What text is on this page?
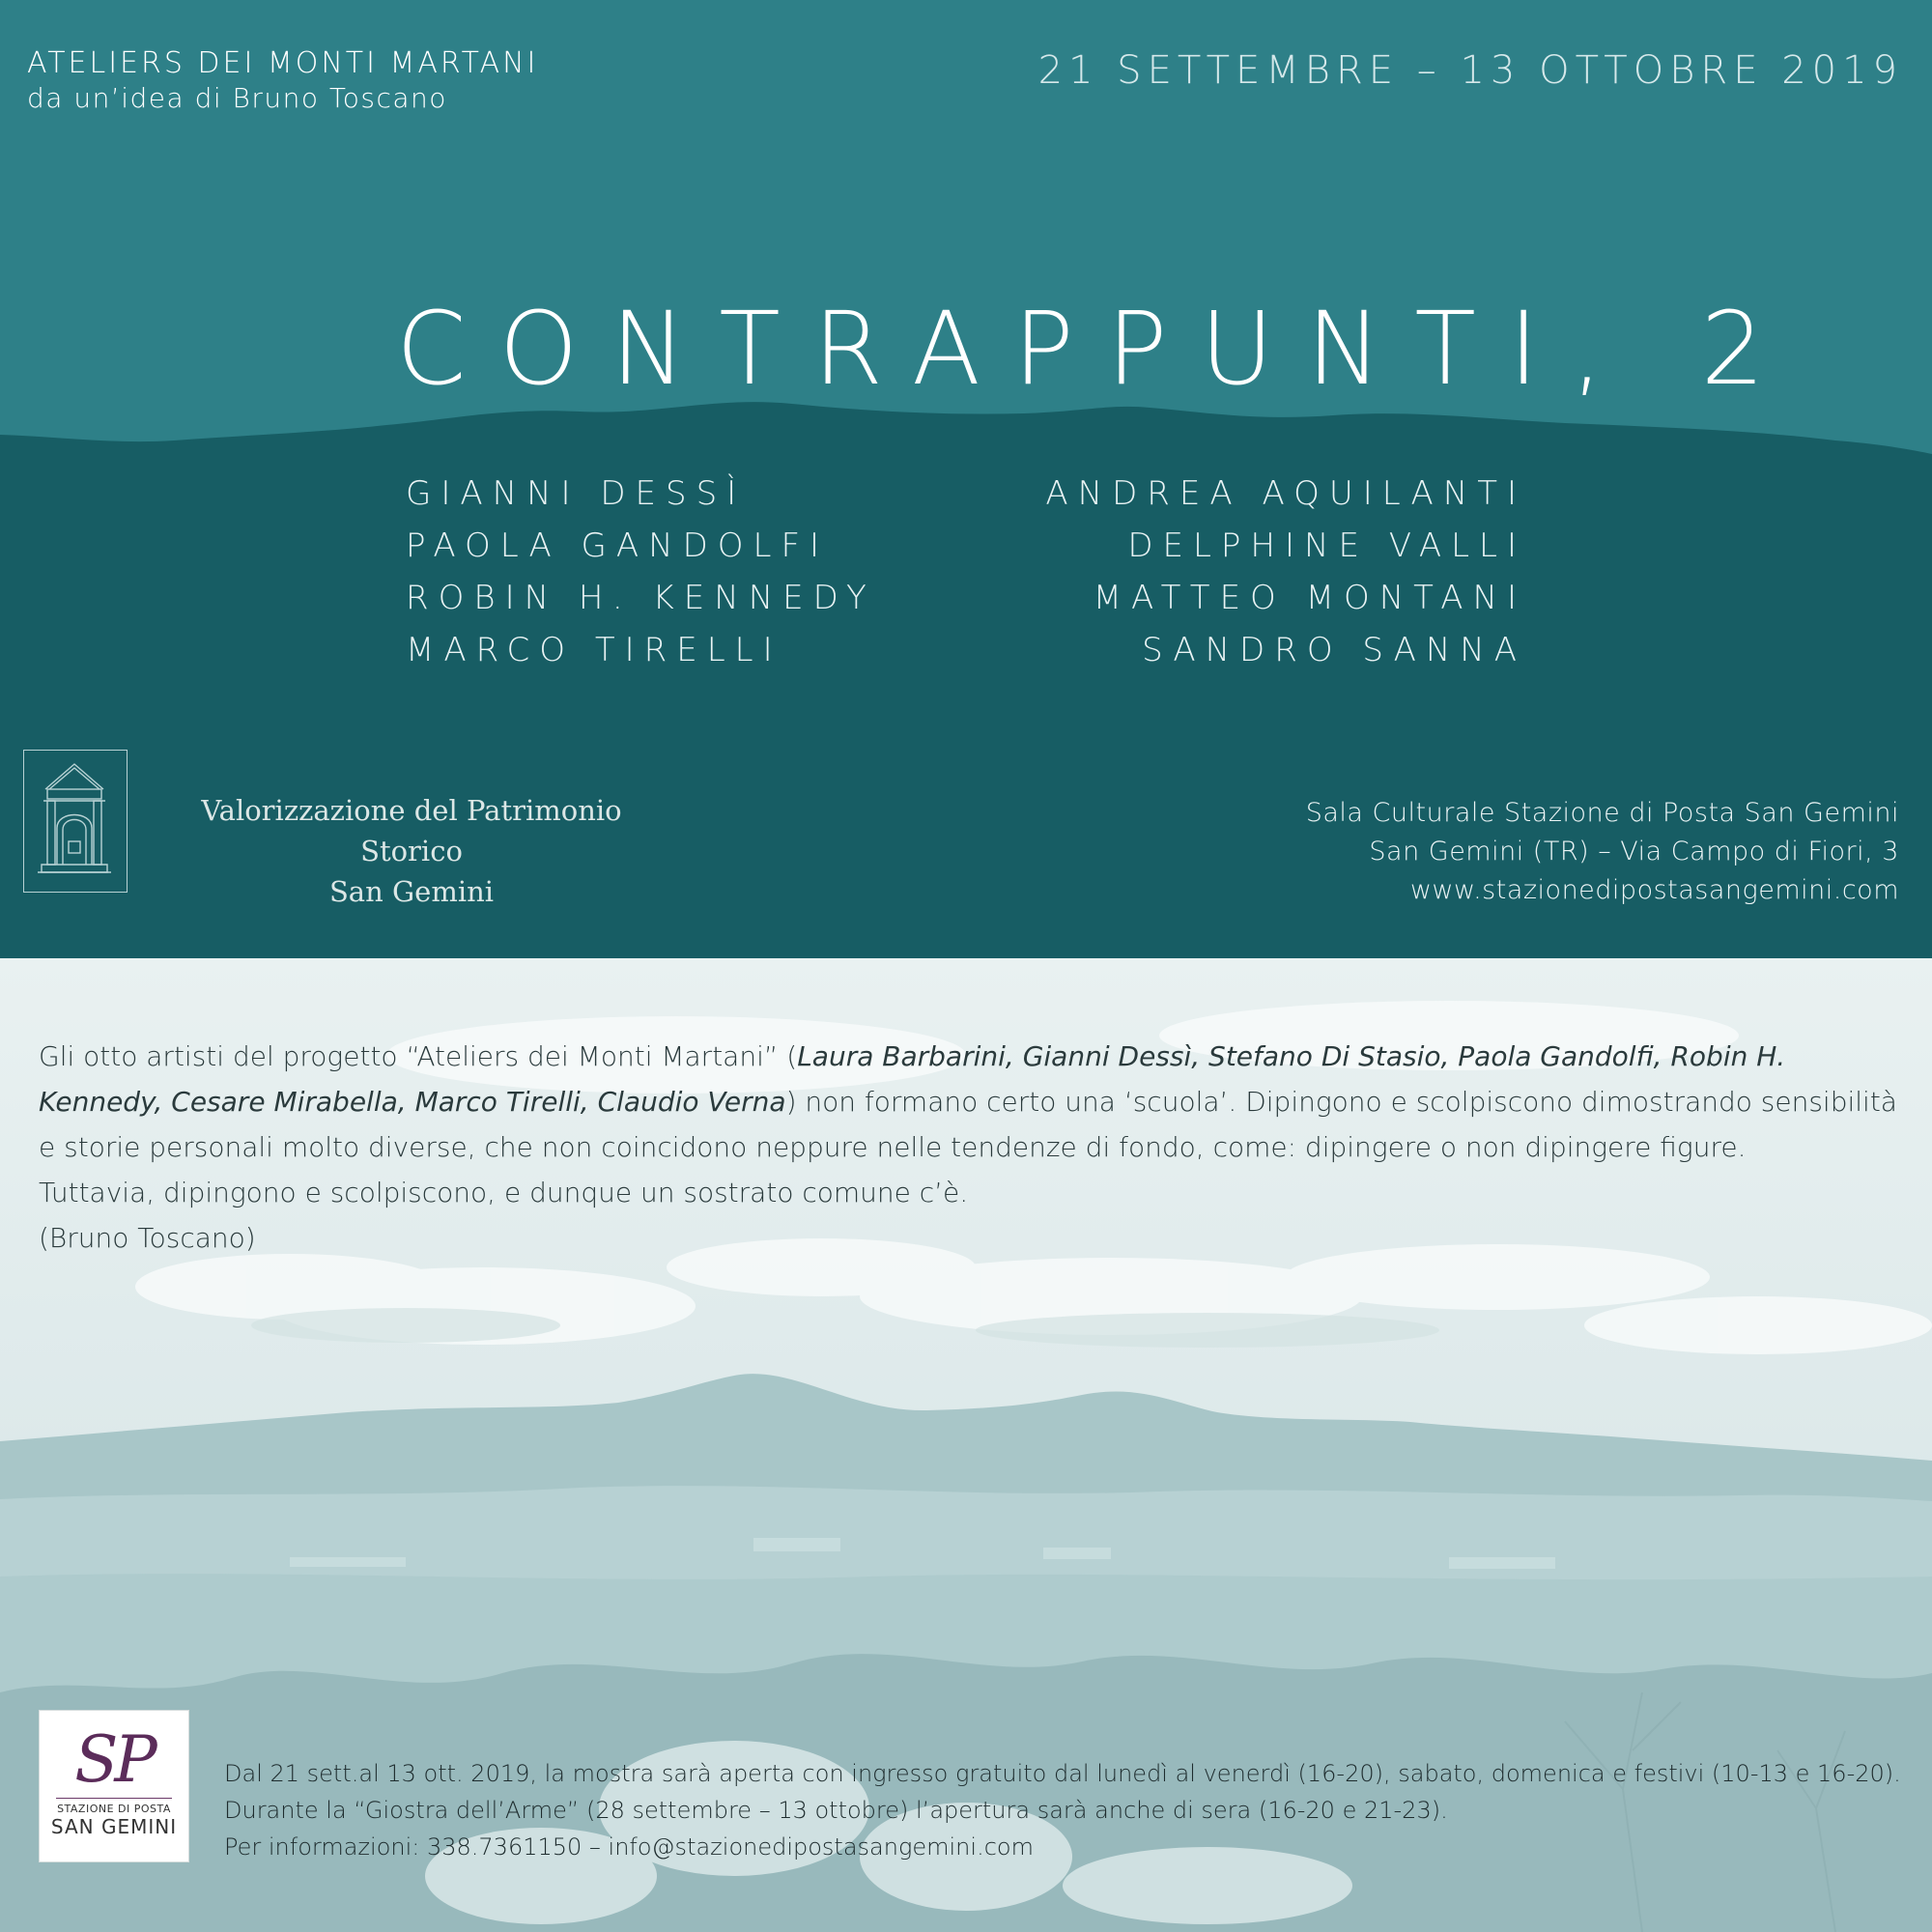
ATELIERS DEI MONTI MARTANI
da un’idea di Bruno Toscano
21 SETTEMBRE – 13 OTTOBRE 2019
CONTRAPPUNTI, 2
GIANNI DESSÌ	ANDREA AQUILANTI
PAOLA GANDOLFI	DELPHINE VALLI
ROBIN H. KENNEDY	MATTEO MONTANI
MARCO TIRELLI	SANDRO SANNA
Valorizzazione del Patrimonio Storico
San Gemini
Sala Culturale Stazione di Posta San Gemini
San Gemini (TR) – Via Campo di Fiori, 3
www.stazionedipostasangemini.com

Gli otto artisti del progetto “Ateliers dei Monti Martani” (Laura Barbarini, Gianni Dessì, Stefano Di Stasio, Paola Gandolfi, Robin H. Kennedy, Cesare Mirabella, Marco Tirelli, Claudio Verna) non formano certo una ‘scuola’. Dipingono e scolpiscono dimostrando sensibilità e storie personali molto diverse, che non coincidono neppure nelle tendenze di fondo, come: dipingere o non dipingere figure.

Tuttavia, dipingono e scolpiscono, e dunque un sostrato comune c’è.

(Bruno Toscano)

SP
STAZIONE DI POSTA
SAN GEMINI
Dal 21 sett.al 13 ott. 2019, la mostra sarà aperta con ingresso gratuito dal lunedì al venerdì (16-20), sabato, domenica e festivi (10-13 e 16-20).
Durante la “Giostra dell’Arme” (28 settembre – 13 ottobre) l’apertura sarà anche di sera (16-20 e 21-23).
Per informazioni: 338.7361150 – info@stazionedipostasangemini.com
